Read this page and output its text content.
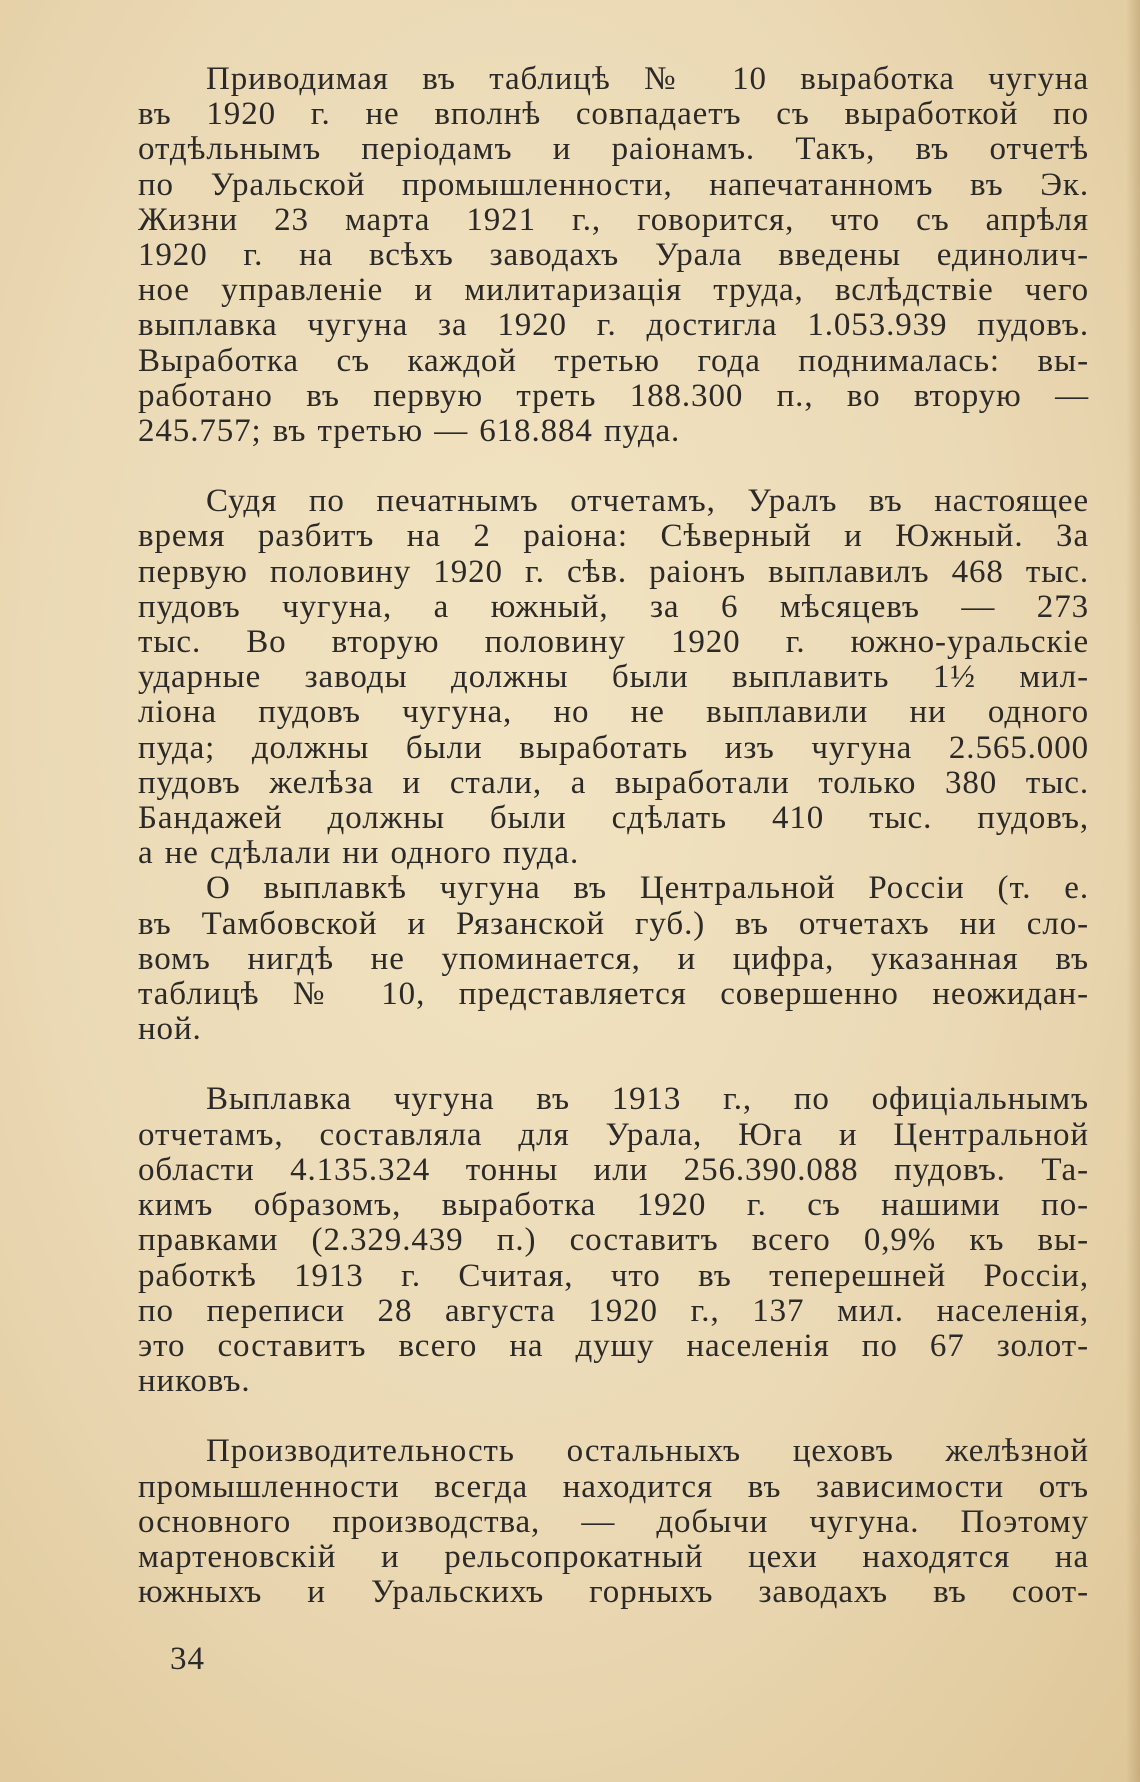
Приводимая въ таблицѣ № 10 выработка чугуна
въ 1920 г. не вполнѣ совпадаетъ съ выработкой по
отдѣльнымъ періодамъ и раіонамъ. Такъ, въ отчетѣ
по Уральской промышленности, напечатанномъ въ Эк.
Жизни 23 марта 1921 г., говорится, что съ апрѣля
1920 г. на всѣхъ заводахъ Урала введены единолич-
ное управленіе и милитаризація труда, вслѣдствіе чего
выплавка чугуна за 1920 г. достигла 1.053.939 пудовъ.
Выработка съ каждой третью года поднималась: вы-
работано въ первую треть 188.300 п., во вторую —
245.757; въ третью — 618.884 пуда.
Судя по печатнымъ отчетамъ, Уралъ въ настоящее
время разбитъ на 2 раіона: Сѣверный и Южный. За
первую половину 1920 г. сѣв. раіонъ выплавилъ 468 тыс.
пудовъ чугуна, а южный, за 6 мѣсяцевъ — 273
тыс. Во вторую половину 1920 г. южно-уральскіе
ударные заводы должны были выплавить 1½ мил-
ліона пудовъ чугуна, но не выплавили ни одного
пуда; должны были выработать изъ чугуна 2.565.000
пудовъ желѣза и стали, а выработали только 380 тыс.
Бандажей должны были сдѣлать 410 тыс. пудовъ,
а не сдѣлали ни одного пуда.
О выплавкѣ чугуна въ Центральной Россіи (т. е.
въ Тамбовской и Рязанской губ.) въ отчетахъ ни сло-
вомъ нигдѣ не упоминается, и цифра, указанная въ
таблицѣ № 10, представляется совершенно неожидан-
ной.
Выплавка чугуна въ 1913 г., по офиціальнымъ
отчетамъ, составляла для Урала, Юга и Центральной
области 4.135.324 тонны или 256.390.088 пудовъ. Та-
кимъ образомъ, выработка 1920 г. съ нашими по-
правками (2.329.439 п.) составитъ всего 0,9% къ вы-
работкѣ 1913 г. Считая, что въ теперешней Россіи,
по переписи 28 августа 1920 г., 137 мил. населенія,
это составитъ всего на душу населенія по 67 золот-
никовъ.
Производительность остальныхъ цеховъ желѣзной
промышленности всегда находится въ зависимости отъ
основного производства, — добычи чугуна. Поэтому
мартеновскій и рельсопрокатный цехи находятся на
южныхъ и Уральскихъ горныхъ заводахъ въ соот-
34
